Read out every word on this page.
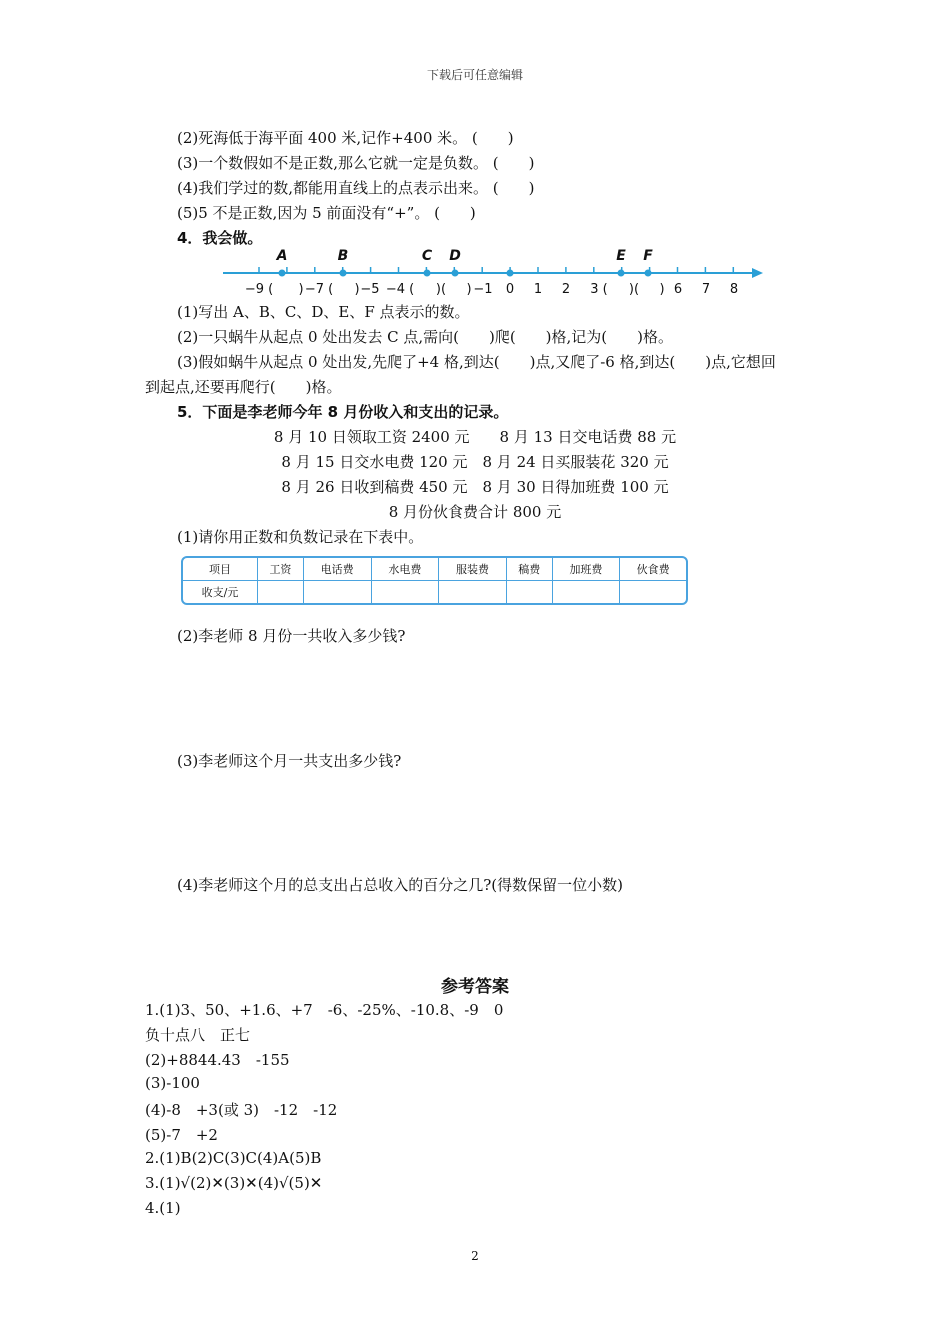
下载后可任意编辑
(2)死海低于海平面 400 米,记作+400 米。 (　　)
(3)一个数假如不是正数,那么它就一定是负数。 (　　)
(4)我们学过的数,都能用直线上的点表示出来。 (　　)
(5)5 不是正数,因为 5 前面没有“+”。 (　　)
4．我会做。
A	B	C D	E F
−9 ( ) −7 ( ) −5 −4 ( )( ) −1 0 1 2 3 ( )( ) 6 7 8
(1)写出 A、B、C、D、E、F 点表示的数。
(2)一只蜗牛从起点 0 处出发去 C 点,需向(　　)爬(　　)格,记为(　　)格。
(3)假如蜗牛从起点 0 处出发,先爬了+4 格,到达(　　)点,又爬了-6 格,到达(　　)点,它想回
到起点,还要再爬行(　　)格。
5．下面是李老师今年 8 月份收入和支出的记录。
8 月 10 日领取工资 2400 元　　8 月 13 日交电话费 88 元
8 月 15 日交水电费 120 元　8 月 24 日买服装花 320 元
8 月 26 日收到稿费 450 元　8 月 30 日得加班费 100 元
8 月份伙食费合计 800 元
(1)请你用正数和负数记录在下表中。
项目	工资	电话费	水电费	服装费	稿费	加班费	伙食费
收支/元							
(2)李老师 8 月份一共收入多少钱?
(3)李老师这个月一共支出多少钱?
(4)李老师这个月的总支出占总收入的百分之几?(得数保留一位小数)
参考答案
1.(1)3、50、+1.6、+7　-6、-25%、-10.8、-9　0
负十点八　正七
(2)+8844.43　-155
(3)-100
(4)-8　+3(或 3)　-12　-12
(5)-7　+2
2.(1)B(2)C(3)C(4)A(5)B
3.(1)√(2)✕(3)✕(4)√(5)✕
4.(1)
2
